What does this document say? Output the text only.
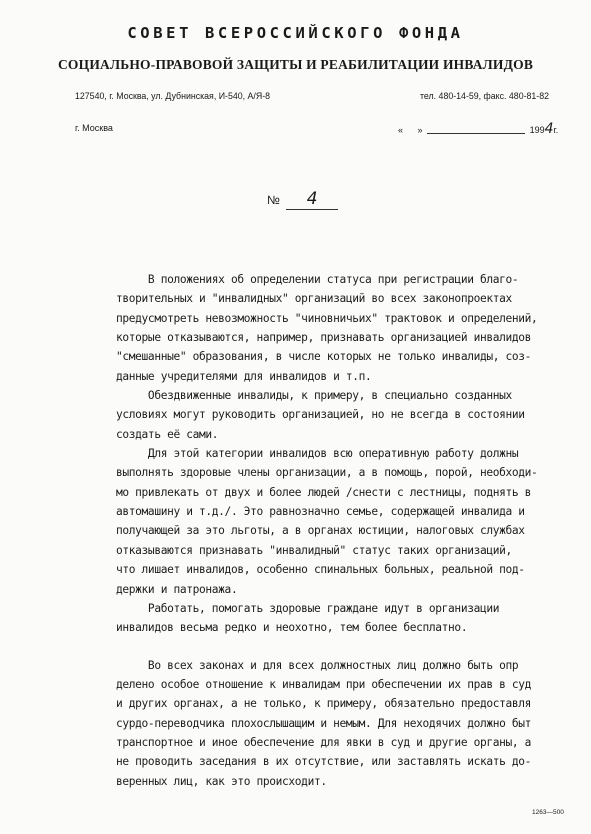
СОВЕТ ВСЕРОССИЙСКОГО ФОНДА
СОЦИАЛЬНО-ПРАВОВОЙ ЗАЩИТЫ И РЕАБИЛИТАЦИИ ИНВАЛИДОВ
127540, г. Москва, ул. Дубнинская, И-540, А/Я-8	тел. 480-14-59, факс. 480-81-82
г. Москва	« »	1994г.
№ 4
В положениях об определении статуса при регистрации благо-
творительных и "инвалидных" организаций во всех законопроектах
предусмотреть невозможность "чиновничьих" трактовок и определений,
которые отказываются, например, признавать организацией инвалидов
"смешанные" образования, в числе которых не только инвалиды, соз-
данные учредителями для инвалидов и т.п.
Обездвиженные инвалиды, к примеру, в специально созданных
условиях могут руководить организацией, но не всегда в состоянии
создать её сами.
Для этой категории инвалидов всю оперативную работу должны
выполнять здоровые члены организации, а в помощь, порой, необходи-
мо привлекать от двух и более людей /снести с лестницы, поднять в
автомашину и т.д./. Это равнозначно семье, содержащей инвалида и
получающей за это льготы, а в органах юстиции, налоговых службах
отказываются признавать "инвалидный" статус таких организаций,
что лишает инвалидов, особенно спинальных больных, реальной под-
держки и патронажа.
Работать, помогать здоровые граждане идут в организации
инвалидов весьма редко и неохотно, тем более бесплатно.
Во всех законах и для всех должностных лиц должно быть опр
делено особое отношение к инвалидам при обеспечении их прав в суд
и других органах, а не только, к примеру, обязательно предоставля
сурдо-переводчика плохослышащим и немым. Для неходячих должно быт
транспортное и иное обеспечение для явки в суд и другие органы, а
не проводить заседания в их отсутствие, или заставлять искать до-
веренных лиц, как это происходит.
1263—500
